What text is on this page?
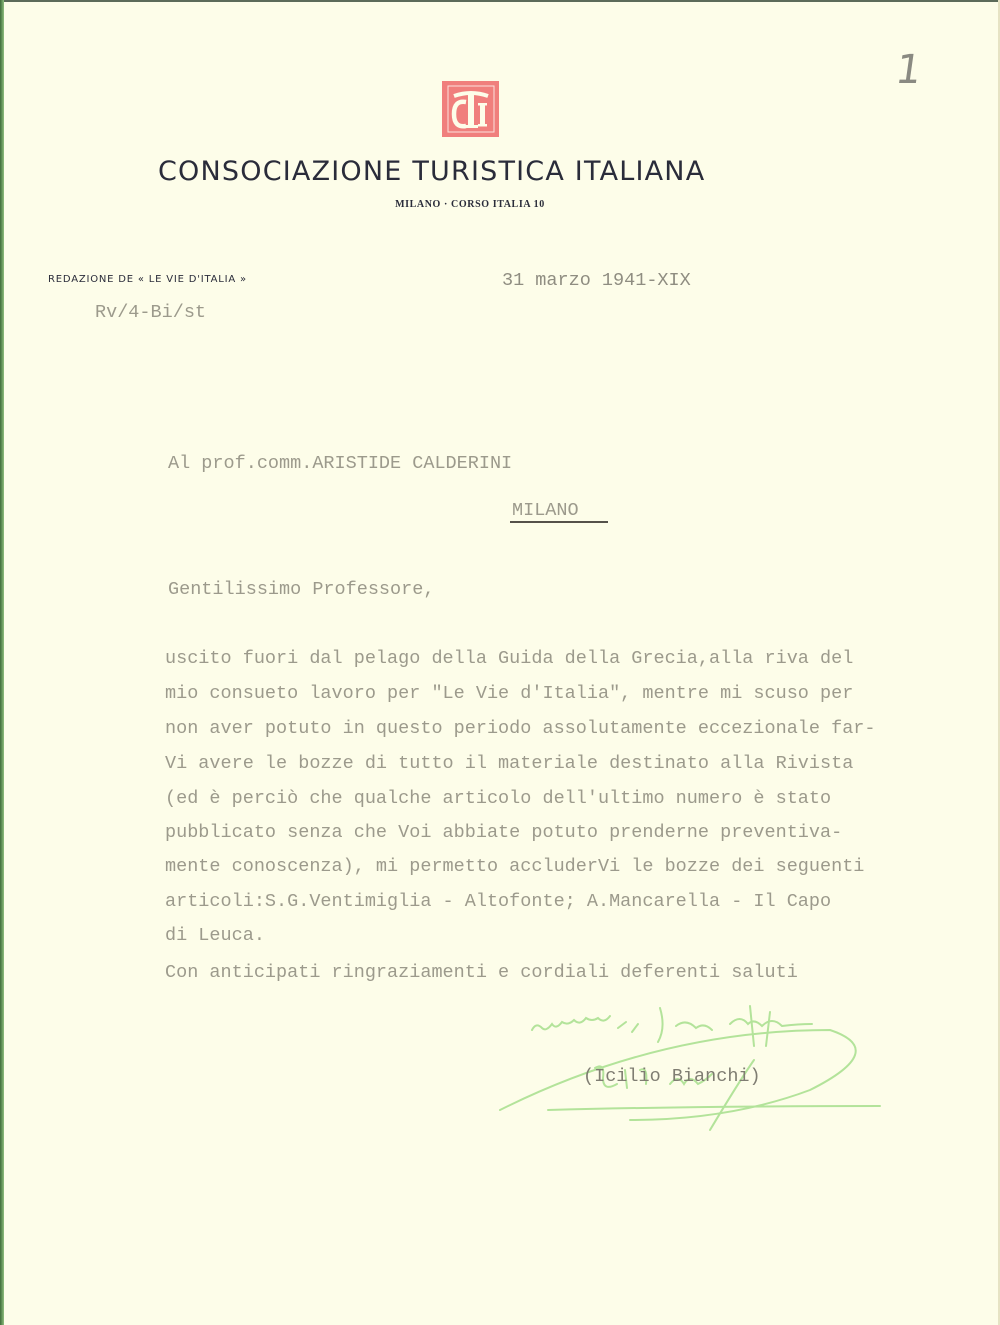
1
CONSOCIAZIONE TURISTICA ITALIANA
MILANO · CORSO ITALIA 10
REDAZIONE DE « LE VIE D'ITALIA »
Rv/4-Bi/st
31 marzo 1941-XIX
Al prof.comm.ARISTIDE CALDERINI
MILANO
Gentilissimo Professore,
uscito fuori dal pelago della Guida della Grecia,alla riva del
mio consueto lavoro per "Le Vie d'Italia", mentre mi scuso per
non aver potuto in questo periodo assolutamente eccezionale far-
Vi avere le bozze di tutto il materiale destinato alla Rivista
(ed è perciò che qualche articolo dell'ultimo numero è stato
pubblicato senza che Voi abbiate potuto prenderne preventiva-
mente conoscenza), mi permetto accluderVi le bozze dei seguenti
articoli:S.G.Ventimiglia - Altofonte; A.Mancarella - Il Capo
di Leuca.
Con anticipati ringraziamenti e cordiali deferenti saluti
(Icilio Bianchi)
